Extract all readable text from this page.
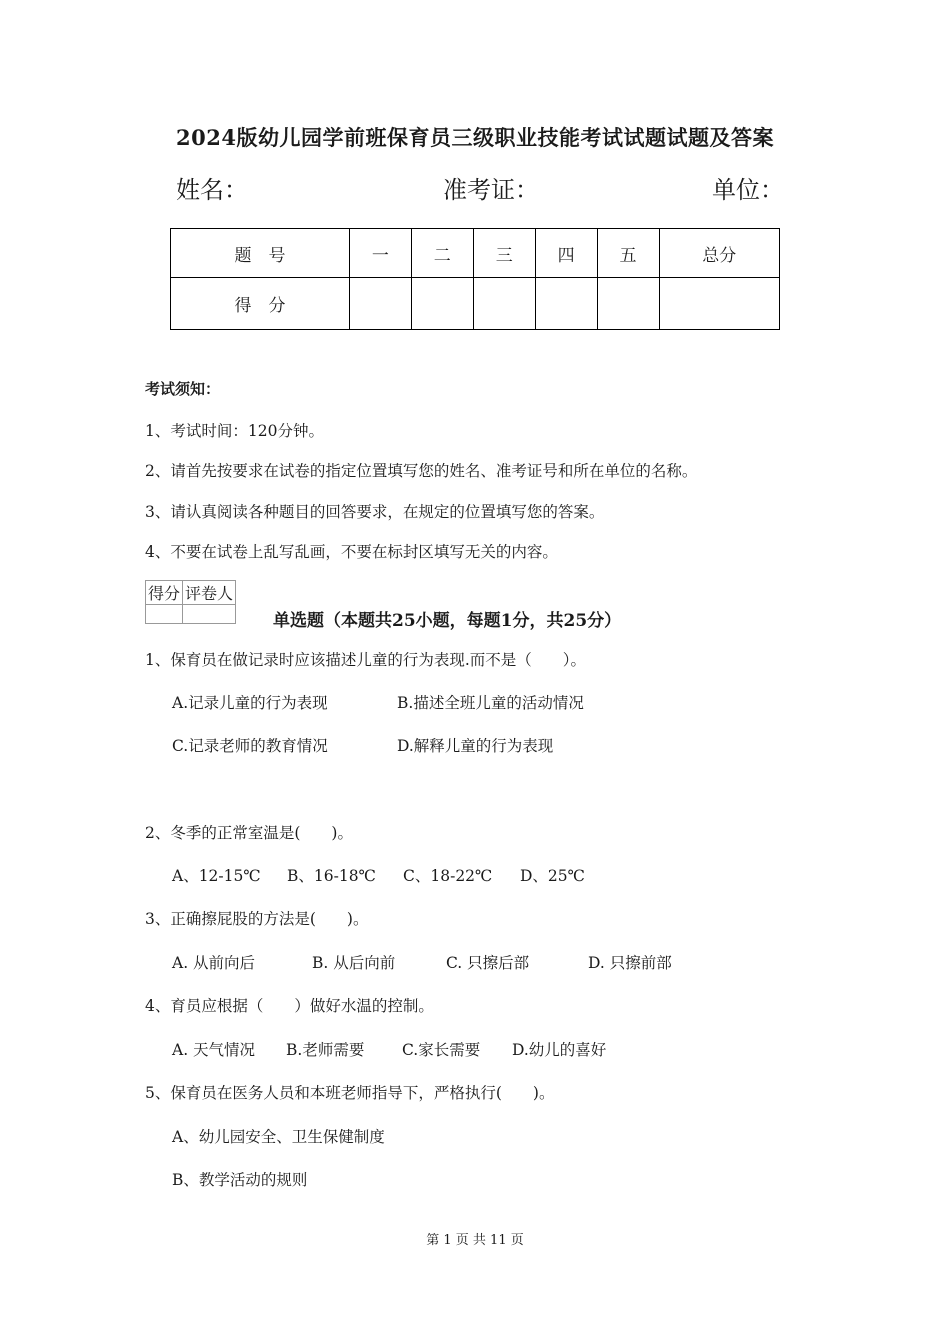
2024版幼儿园学前班保育员三级职业技能考试试题试题及答案
姓名：	准考证：	单位：
题　号	一	二	三	四	五	总分
得　分						
考试须知：
1、考试时间：120分钟。
2、请首先按要求在试卷的指定位置填写您的姓名、准考证号和所在单位的名称。
3、请认真阅读各种题目的回答要求，在规定的位置填写您的答案。
4、不要在试卷上乱写乱画，不要在标封区填写无关的内容。
得分	评卷人

单选题（本题共25小题，每题1分，共25分）
1、保育员在做记录时应该描述儿童的行为表现.而不是（　　）。
A.记录儿童的行为表现	B.描述全班儿童的活动情况
C.记录老师的教育情况	D.解释儿童的行为表现
2、冬季的正常室温是(　　)。
A、12-15℃ B、16-18℃ C、18-22℃ D、25℃
3、正确擦屁股的方法是(　　)。
A. 从前向后	B. 从后向前	C. 只擦后部	D. 只擦前部
4、育员应根据（　　）做好水温的控制。
A. 天气情况 B.老师需要 C.家长需要 D.幼儿的喜好
5、保育员在医务人员和本班老师指导下，严格执行(　　)。
A、幼儿园安全、卫生保健制度
B、教学活动的规则
第 1 页 共 11 页
